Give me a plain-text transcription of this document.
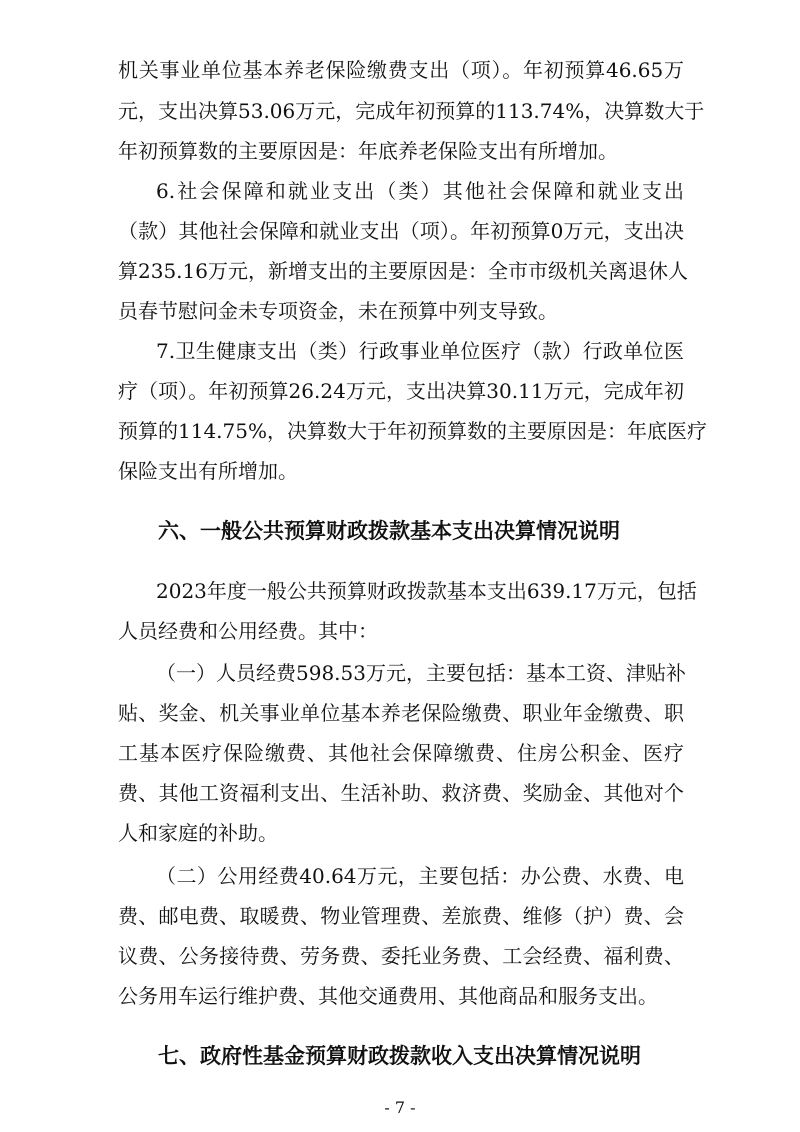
机关事业单位基本养老保险缴费支出（项）。年初预算46.65万
元，支出决算53.06万元，完成年初预算的113.74%，决算数大于
年初预算数的主要原因是：年底养老保险支出有所增加。
6.社会保障和就业支出（类）其他社会保障和就业支出
（款）其他社会保障和就业支出（项）。年初预算0万元，支出决
算235.16万元，新增支出的主要原因是：全市市级机关离退休人
员春节慰问金未专项资金，未在预算中列支导致。
7.卫生健康支出（类）行政事业单位医疗（款）行政单位医
疗（项）。年初预算26.24万元，支出决算30.11万元，完成年初
预算的114.75%，决算数大于年初预算数的主要原因是：年底医疗
保险支出有所增加。
六、一般公共预算财政拨款基本支出决算情况说明
2023年度一般公共预算财政拨款基本支出639.17万元，包括
人员经费和公用经费。其中：
（一）人员经费598.53万元，主要包括：基本工资、津贴补
贴、奖金、机关事业单位基本养老保险缴费、职业年金缴费、职
工基本医疗保险缴费、其他社会保障缴费、住房公积金、医疗
费、其他工资福利支出、生活补助、救济费、奖励金、其他对个
人和家庭的补助。
（二）公用经费40.64万元，主要包括：办公费、水费、电
费、邮电费、取暖费、物业管理费、差旅费、维修（护）费、会
议费、公务接待费、劳务费、委托业务费、工会经费、福利费、
公务用车运行维护费、其他交通费用、其他商品和服务支出。
七、政府性基金预算财政拨款收入支出决算情况说明
- 7 -
